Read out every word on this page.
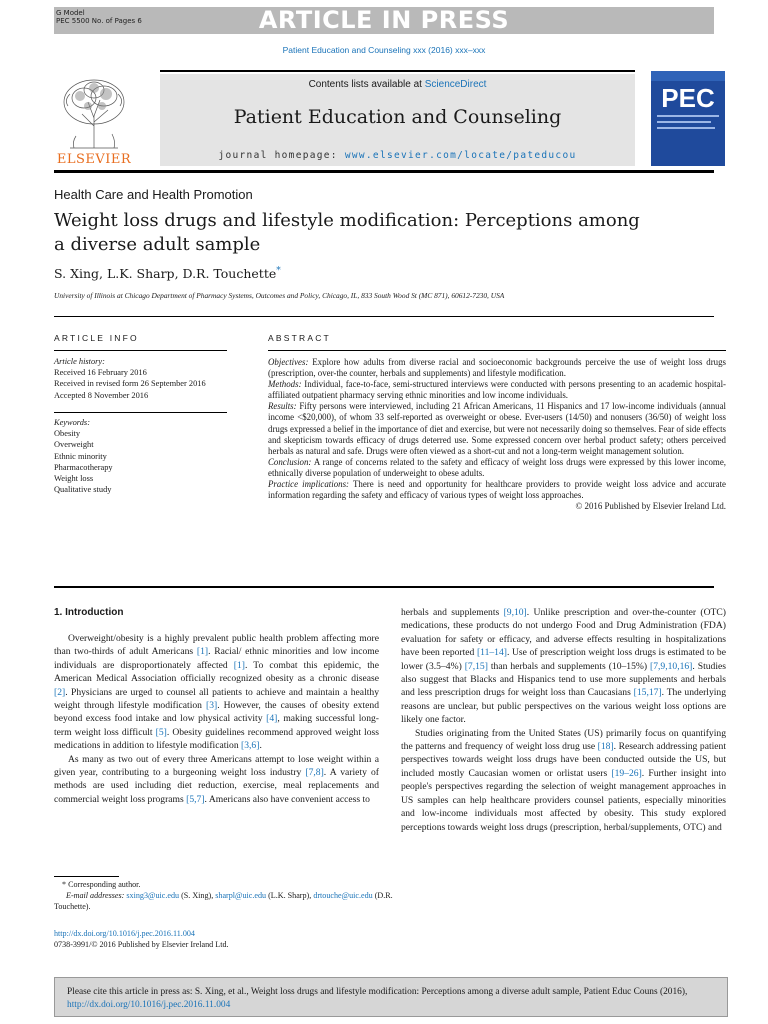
G Model
PEC 5500 No. of Pages 6	ARTICLE IN PRESS
Patient Education and Counseling xxx (2016) xxx–xxx
ELSEVIER
Contents lists available at ScienceDirect
Patient Education and Counseling
journal homepage: www.elsevier.com/locate/pateducou
PEC
Health Care and Health Promotion
Weight loss drugs and lifestyle modification: Perceptions among a diverse adult sample
S. Xing, L.K. Sharp, D.R. Touchette*
University of Illinois at Chicago Department of Pharmacy Systems, Outcomes and Policy, Chicago, IL, 833 South Wood St (MC 871), 60612-7230, USA
ARTICLE INFO	ABSTRACT
Article history:
Received 16 February 2016
Received in revised form 26 September 2016
Accepted 8 November 2016
Keywords:
Obesity
Overweight
Ethnic minority
Pharmacotherapy
Weight loss
Qualitative study

Objectives: Explore how adults from diverse racial and socioeconomic backgrounds perceive the use of weight loss drugs (prescription, over-the counter, herbals and supplements) and lifestyle modification.

Methods: Individual, face-to-face, semi-structured interviews were conducted with persons presenting to an academic hospital-affiliated outpatient pharmacy serving ethnic minorities and low income individuals.

Results: Fifty persons were interviewed, including 21 African Americans, 11 Hispanics and 17 low-income individuals (annual income <$20,000), of whom 33 self-reported as overweight or obese. Ever-users (14/50) and nonusers (36/50) of weight loss drugs expressed a belief in the importance of diet and exercise, but were not necessarily doing so themselves. Fear of side effects and skepticism towards efficacy of drugs deterred use. Some expressed concern over herbal product safety; others perceived herbals as natural and safe. Drugs were often viewed as a short-cut and not a long-term weight management solution.

Conclusion: A range of concerns related to the safety and efficacy of weight loss drugs were expressed by this lower income, ethnically diverse population of underweight to obese adults.

Practice implications: There is need and opportunity for healthcare providers to provide weight loss advice and accurate information regarding the safety and efficacy of various types of weight loss approaches.

© 2016 Published by Elsevier Ireland Ltd.

1. Introduction

Overweight/obesity is a highly prevalent public health problem affecting more than two-thirds of adult Americans [1]. Racial/ ethnic minorities and low income individuals are disproportionately affected [1]. To combat this epidemic, the American Medical Association officially recognized obesity as a chronic disease [2]. Physicians are urged to counsel all patients to achieve and maintain a healthy weight through lifestyle modification [3]. However, the causes of obesity extend beyond excess food intake and low physical activity [4], making successful long-term weight loss difficult [5]. Obesity guidelines recommend approved weight loss medications in addition to lifestyle modification [3,6].

As many as two out of every three Americans attempt to lose weight within a given year, contributing to a burgeoning weight loss industry [7,8]. A variety of methods are used including diet reduction, exercise, meal replacements and commercial weight loss programs [5,7]. Americans also have convenient access to

herbals and supplements [9,10]. Unlike prescription and over-the-counter (OTC) medications, these products do not undergo Food and Drug Administration (FDA) evaluation for safety or efficacy, and adverse effects resulting in hospitalizations have been reported [11–14]. Use of prescription weight loss drugs is estimated to be lower (3.5–4%) [7,15] than herbals and supplements (10–15%) [7,9,10,16]. Studies also suggest that Blacks and Hispanics tend to use more supplements and herbals and less prescription drugs for weight loss than Caucasians [15,17]. The underlying reasons are unclear, but public perspectives on the various weight loss options are likely one factor.

Studies originating from the United States (US) primarily focus on quantifying the patterns and frequency of weight loss drug use [18]. Research addressing patient perspectives towards weight loss drugs have been conducted outside the US, but included mostly Caucasian women or orlistat users [19–26]. Further insight into people's perspectives regarding the selection of weight management approaches in US samples can help healthcare providers counsel patients, especially minorities and low-income individuals most affected by obesity. This study explored perceptions towards weight loss drugs (prescription, herbal/supplements, OTC) and

* Corresponding author.
E-mail addresses: sxing3@uic.edu (S. Xing), sharpl@uic.edu (L.K. Sharp), drtouche@uic.edu (D.R. Touchette).
http://dx.doi.org/10.1016/j.pec.2016.11.004
0738-3991/© 2016 Published by Elsevier Ireland Ltd.
Please cite this article in press as: S. Xing, et al., Weight loss drugs and lifestyle modification: Perceptions among a diverse adult sample, Patient Educ Couns (2016), http://dx.doi.org/10.1016/j.pec.2016.11.004
